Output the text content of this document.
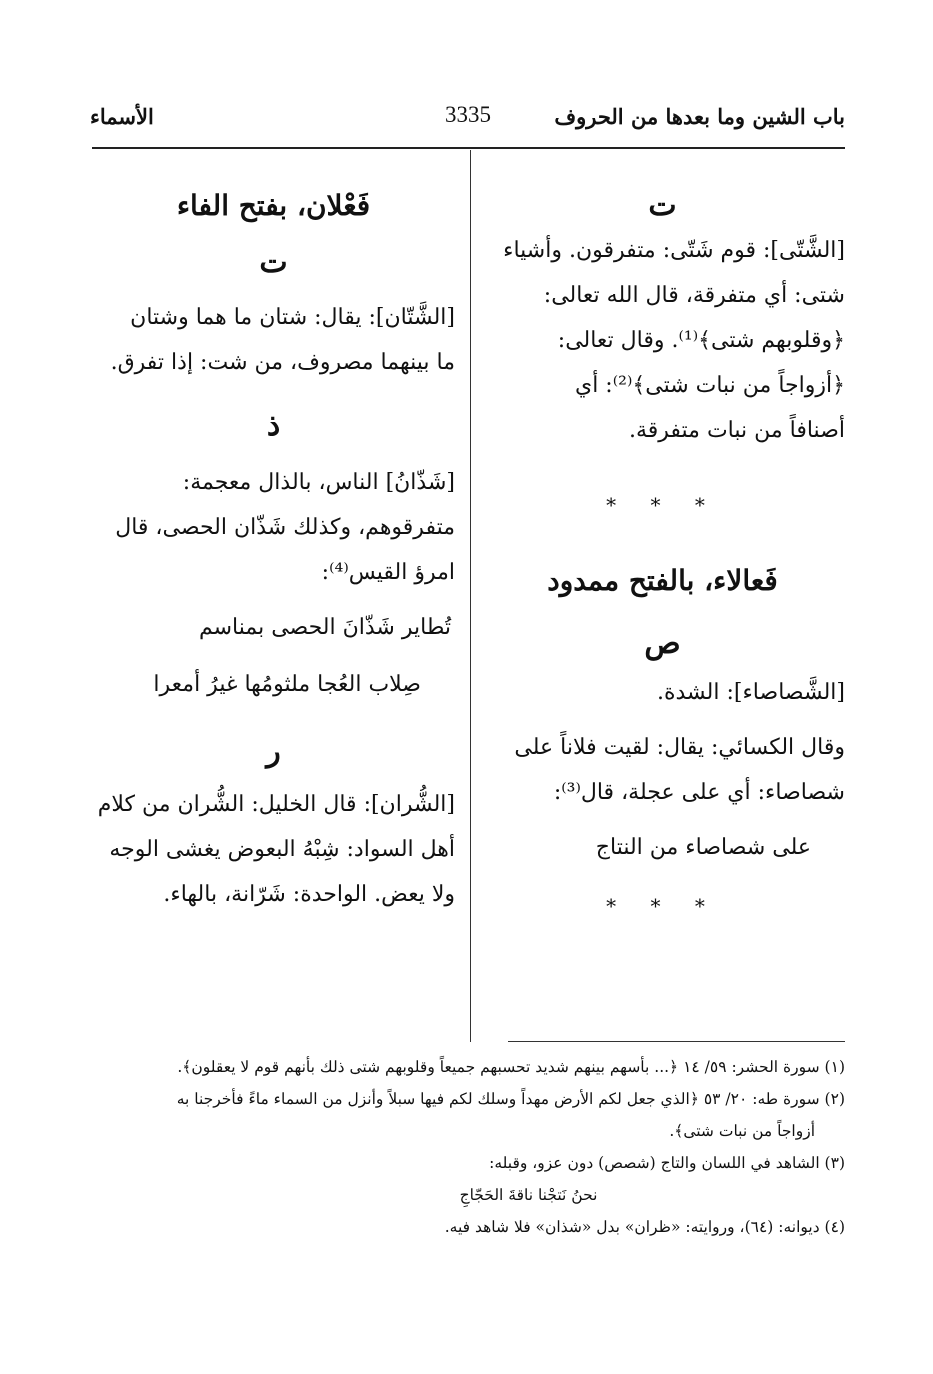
باب الشين وما بعدها من الحروف
3335
الأسماء

ت

[الشَّتّى]: قوم شَتّى: متفرقون. وأشياء

شتى: أي متفرقة، قال الله تعالى:

﴿وقلوبهم شتى﴾⁽¹⁾. وقال تعالى:

﴿أزواجاً من نبات شتى﴾⁽²⁾: أي

أصنافاً من نبات متفرقة.

* * *

فَعالاء، بالفتح ممدود

ص

[الشَّصاصاء]: الشدة.

وقال الكسائي: يقال: لقيت فلاناً على

شصاصاء: أي على عجلة، قال⁽³⁾:

على شصاصاء من النتاج

* * *

فَعْلان، بفتح الفاء

ت

[الشَّتّان]: يقال: شتان ما هما وشتان

ما بينهما مصروف، من شت: إذا تفرق.

ذ

[شَذّانُ] الناس، بالذال معجمة:

متفرقوهم، وكذلك شَذّان الحصى، قال

امرؤ القيس⁽⁴⁾:

تُطاير شَذّانَ الحصى بمناسم

صِلاب العُجا ملثومُها غيرُ أمعرا

ر

[الشُّران]: قال الخليل: الشُّران من كلام

أهل السواد: شِبْهُ البعوض يغشى الوجه

ولا يعض. الواحدة: شَرّانة، بالهاء.

(١) سورة الحشر: ٥٩/ ١٤ ﴿... بأسهم بينهم شديد تحسبهم جميعاً وقلوبهم شتى ذلك بأنهم قوم لا يعقلون﴾.

(٢) سورة طه: ٢٠/ ٥٣ ﴿الذي جعل لكم الأرض مهداً وسلك لكم فيها سبلاً وأنزل من السماء ماءً فأخرجنا به

أزواجاً من نبات شتى﴾.

(٣) الشاهد في اللسان والتاج (شصص) دون عزو، وقبله:

نحنُ نَتجْنا ناقةَ الحَجّاجِ

(٤) ديوانه: (٦٤)، وروايته: «ظران» بدل «شذان» فلا شاهد فيه.
